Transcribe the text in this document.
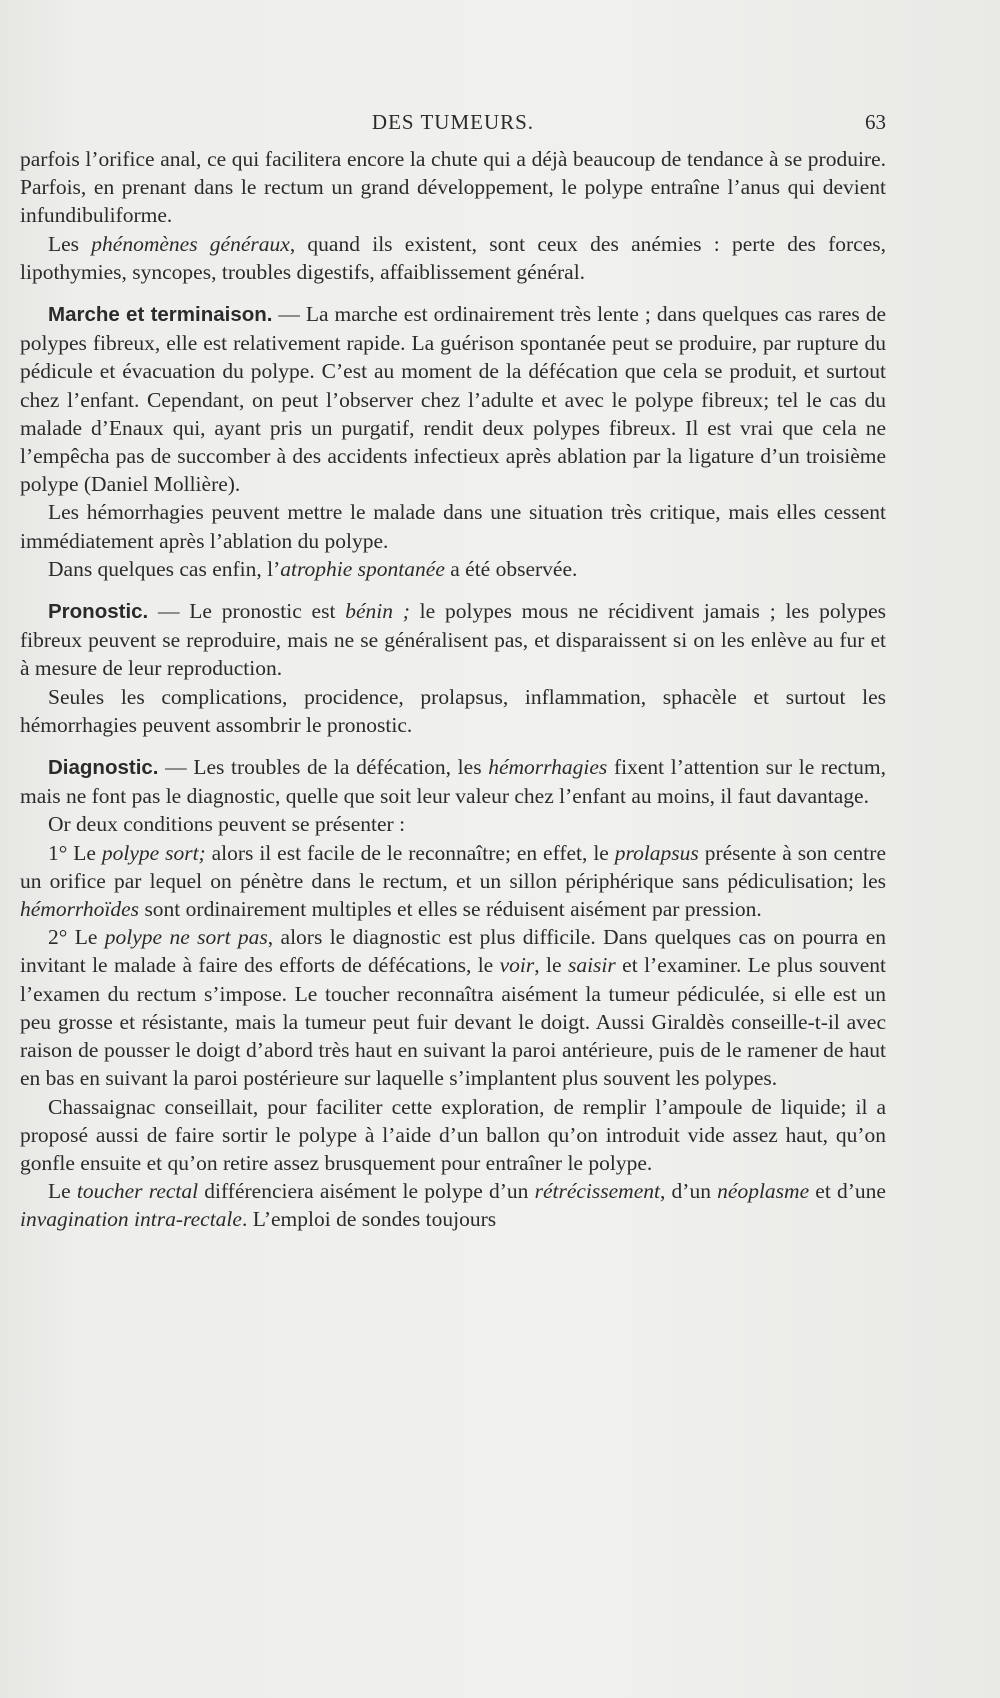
DES TUMEURS.	63

parfois l’orifice anal, ce qui facilitera encore la chute qui a déjà beaucoup de tendance à se produire. Parfois, en prenant dans le rectum un grand développement, le polype entraîne l’anus qui devient infundibuliforme.

Les phénomènes généraux, quand ils existent, sont ceux des anémies : perte des forces, lipothymies, syncopes, troubles digestifs, affaiblissement général.

Marche et terminaison. — La marche est ordinairement très lente ; dans quelques cas rares de polypes fibreux, elle est relativement rapide. La guérison spontanée peut se produire, par rupture du pédicule et évacuation du polype. C’est au moment de la défécation que cela se produit, et surtout chez l’enfant. Cependant, on peut l’observer chez l’adulte et avec le polype fibreux; tel le cas du malade d’Enaux qui, ayant pris un purgatif, rendit deux polypes fibreux. Il est vrai que cela ne l’empêcha pas de succomber à des accidents infectieux après ablation par la ligature d’un troisième polype (Daniel Mollière).

Les hémorrhagies peuvent mettre le malade dans une situation très critique, mais elles cessent immédiatement après l’ablation du polype.

Dans quelques cas enfin, l’atrophie spontanée a été observée.

Pronostic. — Le pronostic est bénin ; le polypes mous ne récidivent jamais ; les polypes fibreux peuvent se reproduire, mais ne se généralisent pas, et disparaissent si on les enlève au fur et à mesure de leur reproduction.

Seules les complications, procidence, prolapsus, inflammation, sphacèle et surtout les hémorrhagies peuvent assombrir le pronostic.

Diagnostic. — Les troubles de la défécation, les hémorrhagies fixent l’attention sur le rectum, mais ne font pas le diagnostic, quelle que soit leur valeur chez l’enfant au moins, il faut davantage.

Or deux conditions peuvent se présenter :

1° Le polype sort; alors il est facile de le reconnaître; en effet, le prolapsus présente à son centre un orifice par lequel on pénètre dans le rectum, et un sillon périphérique sans pédiculisation; les hémorrhoïdes sont ordinairement multiples et elles se réduisent aisément par pression.

2° Le polype ne sort pas, alors le diagnostic est plus difficile. Dans quelques cas on pourra en invitant le malade à faire des efforts de défécations, le voir, le saisir et l’examiner. Le plus souvent l’examen du rectum s’impose. Le toucher reconnaîtra aisément la tumeur pédiculée, si elle est un peu grosse et résistante, mais la tumeur peut fuir devant le doigt. Aussi Giraldès conseille-t-il avec raison de pousser le doigt d’abord très haut en suivant la paroi antérieure, puis de le ramener de haut en bas en suivant la paroi postérieure sur laquelle s’implantent plus souvent les polypes.

Chassaignac conseillait, pour faciliter cette exploration, de remplir l’ampoule de liquide; il a proposé aussi de faire sortir le polype à l’aide d’un ballon qu’on introduit vide assez haut, qu’on gonfle ensuite et qu’on retire assez brusquement pour entraîner le polype.

Le toucher rectal différenciera aisément le polype d’un rétrécissement, d’un néoplasme et d’une invagination intra-rectale. L’emploi de sondes toujours
